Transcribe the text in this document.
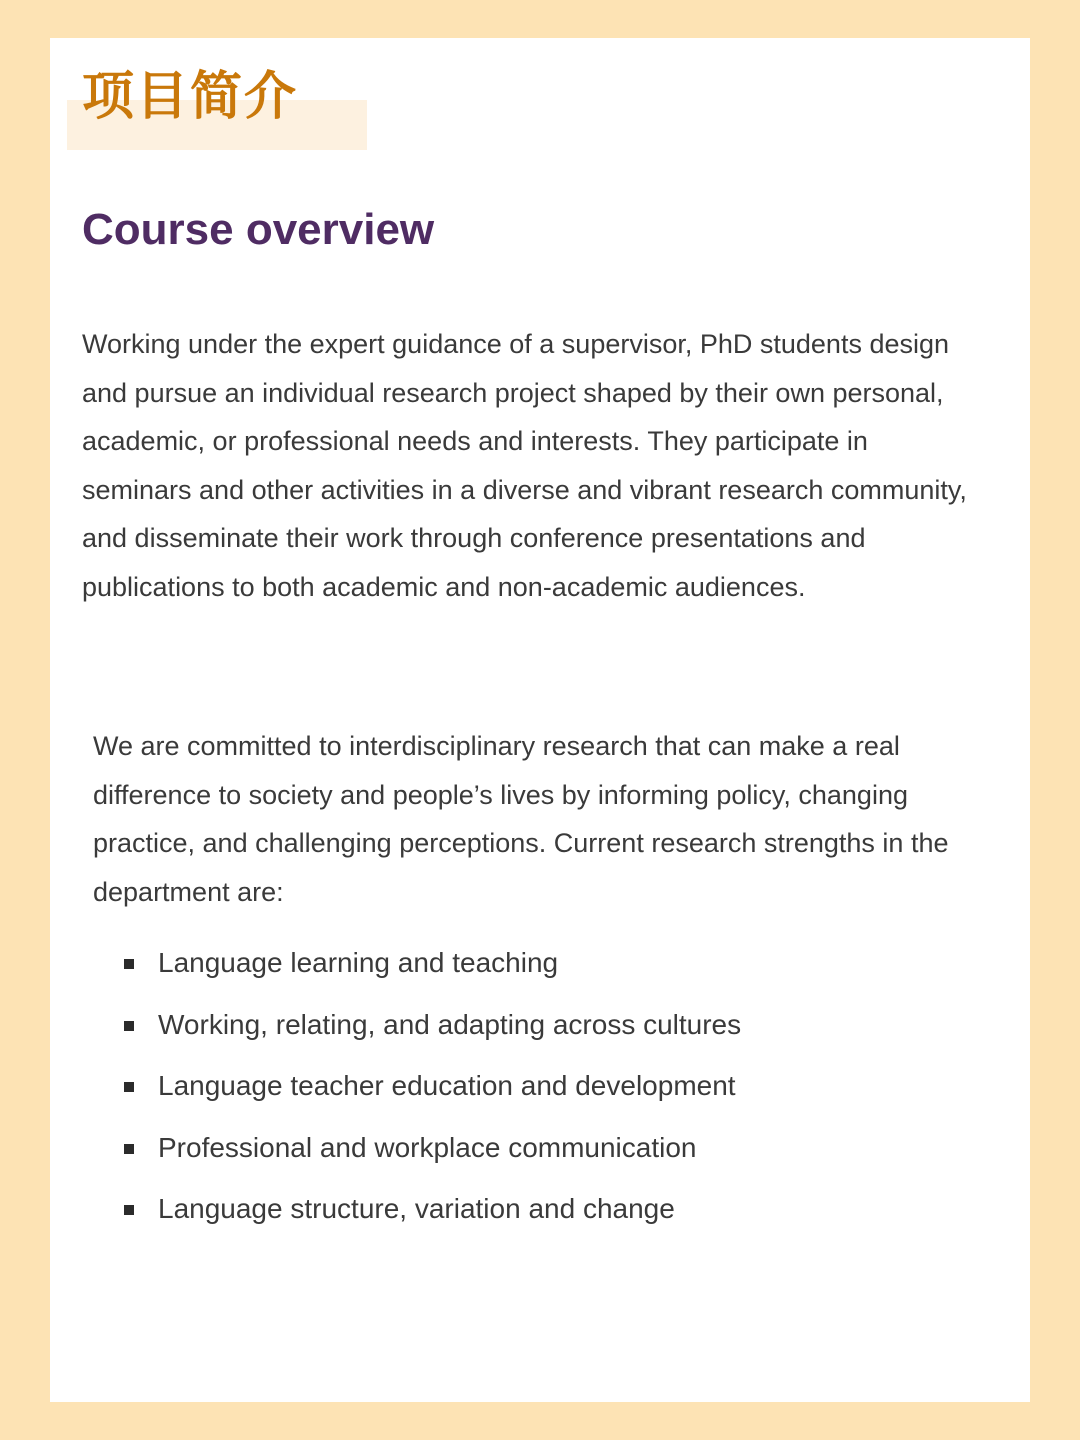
项目简介
Course overview

Working under the expert guidance of a supervisor, PhD students design and pursue an individual research project shaped by their own personal, academic, or professional needs and interests. They participate in seminars and other activities in a diverse and vibrant research community, and disseminate their work through conference presentations and publications to both academic and non-academic audiences.

We are committed to interdisciplinary research that can make a real difference to society and people’s lives by informing policy, changing practice, and challenging perceptions. Current research strengths in the department are:

Language learning and teaching
Working, relating, and adapting across cultures
Language teacher education and development
Professional and workplace communication
Language structure, variation and change
